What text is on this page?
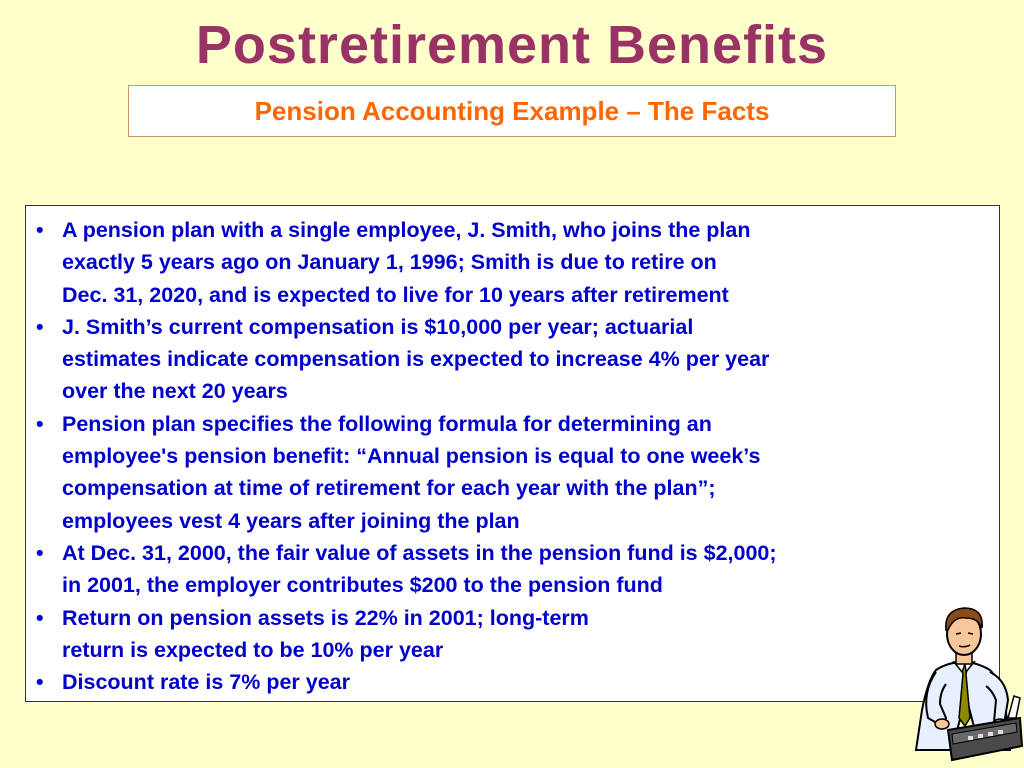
Postretirement Benefits
Pension Accounting Example – The Facts
• A pension plan with a single employee, J. Smith, who joins the plan
exactly 5 years ago on January 1, 1996; Smith is due to retire on
Dec. 31, 2020, and is expected to live for 10 years after retirement
• J. Smith’s current compensation is $10,000 per year; actuarial
estimates indicate compensation is expected to increase 4% per year
over the next 20 years
• Pension plan specifies the following formula for determining an
employee's pension benefit: “Annual pension is equal to one week’s
compensation at time of retirement for each year with the plan”;
employees vest 4 years after joining the plan
• At Dec. 31, 2000, the fair value of assets in the pension fund is $2,000;
in 2001, the employer contributes $200 to the pension fund
• Return on pension assets is 22% in 2001; long-term
return is expected to be 10% per year
• Discount rate is 7% per year
